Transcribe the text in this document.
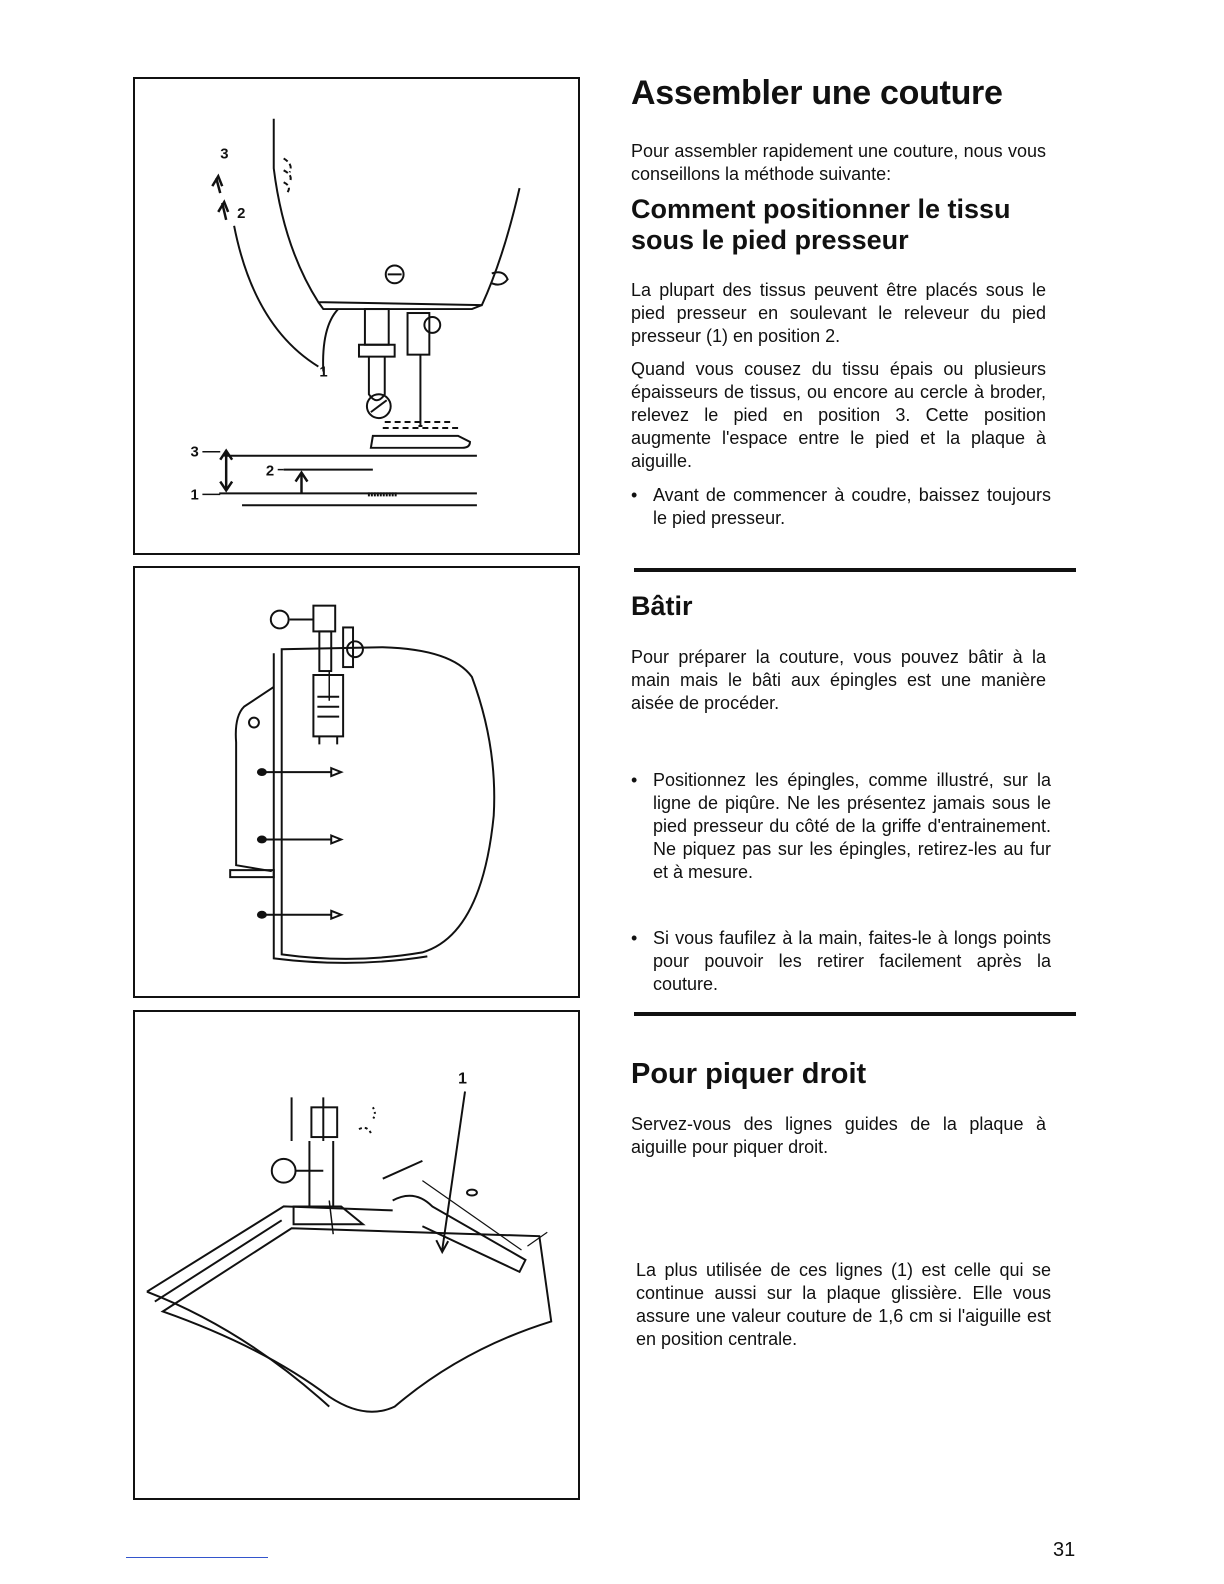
3
2
1
3
2
1
1
Assembler une couture

Pour assembler rapidement une couture, nous vous conseillons la méthode suivante:

Comment positionner le tissu
sous le pied presseur

La plupart des tissus peuvent être placés sous le pied presseur en soulevant le releveur du pied presseur (1) en position 2.

Quand vous cousez du tissu épais ou plusieurs épaisseurs de tissus, ou encore au cercle à broder, relevez le pied en position 3. Cette position augmente l'espace entre le pied et la plaque à aiguille.

• Avant de commencer à coudre, baissez toujours le pied presseur.

Bâtir

Pour préparer la couture, vous pouvez bâtir à la main mais le bâti aux épingles est une manière aisée de procéder.

• Positionnez les épingles, comme illustré, sur la ligne de piqûre. Ne les présentez jamais sous le pied presseur du côté de la griffe d'entrainement. Ne piquez pas sur les épingles, retirez-les au fur et à mesure.

• Si vous faufilez à la main, faites-le à longs points pour pouvoir les retirer facilement après la couture.

Pour piquer droit

Servez-vous des lignes guides de la plaque à aiguille pour piquer droit.

La plus utilisée de ces lignes (1) est celle qui se continue aussi sur la plaque glissière. Elle vous assure une valeur couture de 1,6 cm si l'aiguille est en position centrale.

31
